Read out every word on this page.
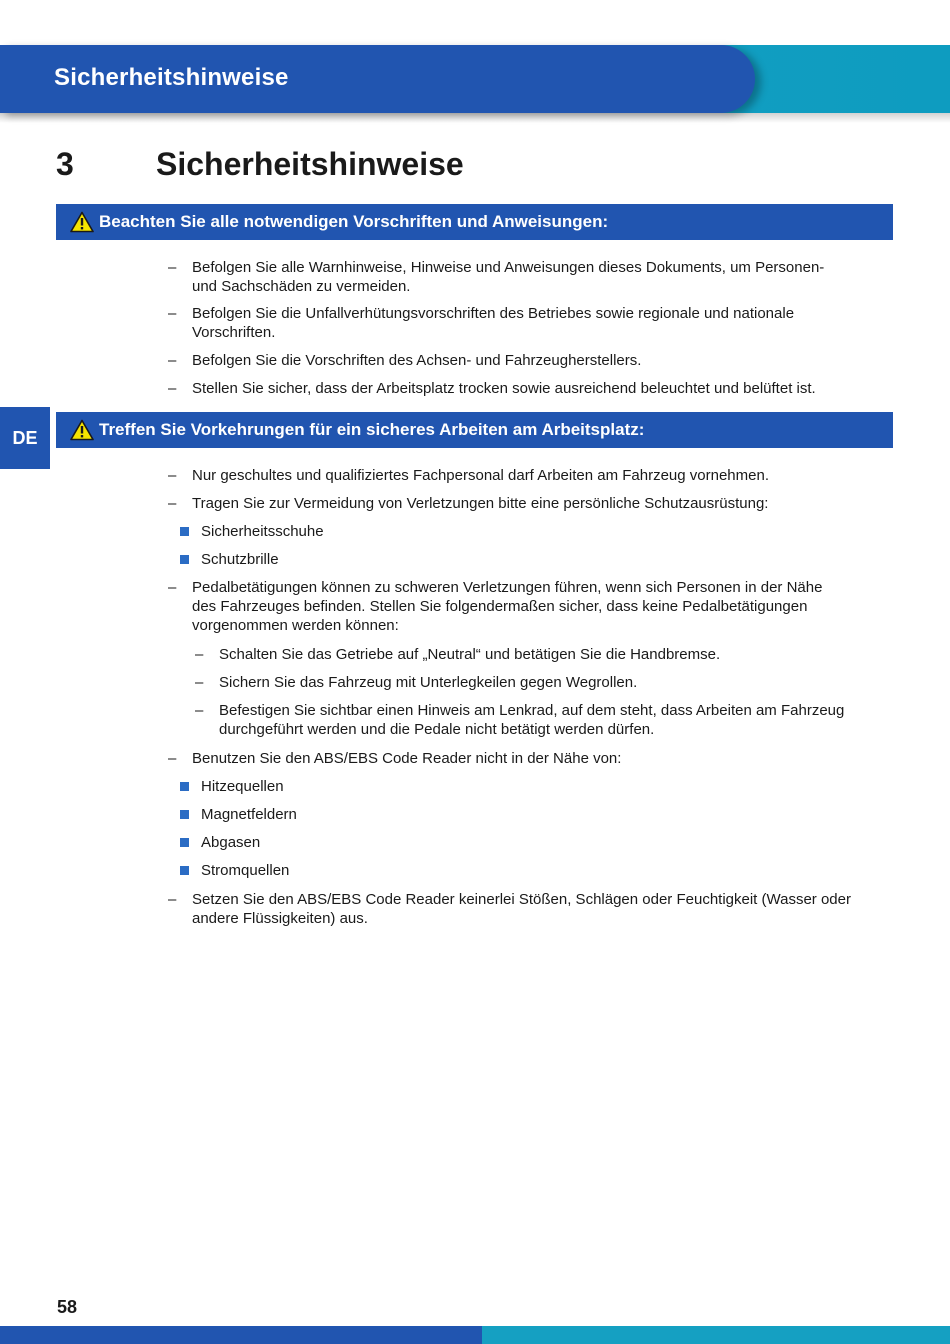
Sicherheitshinweise
3	Sicherheitshinweise
Beachten Sie alle notwendigen Vorschriften und Anweisungen:
– Befolgen Sie alle Warnhinweise, Hinweise und Anweisungen dieses Dokuments, um Personen-
und Sachschäden zu vermeiden.
– Befolgen Sie die Unfallverhütungsvorschriften des Betriebes sowie regionale und nationale
Vorschriften.
– Befolgen Sie die Vorschriften des Achsen- und Fahrzeugherstellers.
– Stellen Sie sicher, dass der Arbeitsplatz trocken sowie ausreichend beleuchtet und belüftet ist.
DE	Treffen Sie Vorkehrungen für ein sicheres Arbeiten am Arbeitsplatz:
– Nur geschultes und qualifiziertes Fachpersonal darf Arbeiten am Fahrzeug vornehmen.
– Tragen Sie zur Vermeidung von Verletzungen bitte eine persönliche Schutzausrüstung:
Sicherheitsschuhe
Schutzbrille
– Pedalbetätigungen können zu schweren Verletzungen führen, wenn sich Personen in der Nähe
des Fahrzeuges befinden. Stellen Sie folgendermaßen sicher, dass keine Pedalbetätigungen
vorgenommen werden können:
– Schalten Sie das Getriebe auf „Neutral“ und betätigen Sie die Handbremse.
– Sichern Sie das Fahrzeug mit Unterlegkeilen gegen Wegrollen.
– Befestigen Sie sichtbar einen Hinweis am Lenkrad, auf dem steht, dass Arbeiten am Fahrzeug
durchgeführt werden und die Pedale nicht betätigt werden dürfen.
– Benutzen Sie den ABS/EBS Code Reader nicht in der Nähe von:
Hitzequellen
Magnetfeldern
Abgasen
Stromquellen
– Setzen Sie den ABS/EBS Code Reader keinerlei Stößen, Schlägen oder Feuchtigkeit (Wasser oder
andere Flüssigkeiten) aus.
58
